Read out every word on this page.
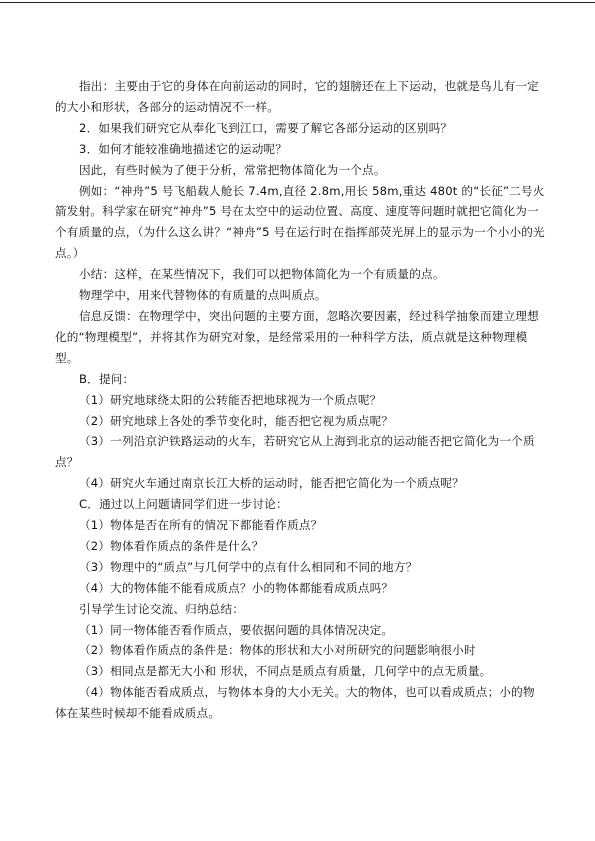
指出：主要由于它的身体在向前运动的同时，它的翅膀还在上下运动，也就是鸟儿有一定的大小和形状，各部分的运动情况不一样。

2．如果我们研究它从奉化飞到江口，需要了解它各部分运动的区别吗？

3．如何才能较准确地描述它的运动呢？

因此，有些时候为了便于分析，常常把物体简化为一个点。

例如：“神舟”5 号飞船载人舱长 7.4m,直径 2.8m,用长 58m,重达 480t 的“长征”二号火箭发射。科学家在研究“神舟”5 号在太空中的运动位置、高度、速度等问题时就把它简化为一个有质量的点，（为什么这么讲？“神舟”5 号在运行时在指挥部荧光屏上的显示为一个小小的光点。）

小结：这样，在某些情况下，我们可以把物体简化为一个有质量的点。

物理学中，用来代替物体的有质量的点叫质点。

信息反馈：在物理学中，突出问题的主要方面，忽略次要因素，经过科学抽象而建立理想化的“物理模型”，并将其作为研究对象，是经常采用的一种科学方法，质点就是这种物理模型。

B．提问：

（1）研究地球绕太阳的公转能否把地球视为一个质点呢？

（2）研究地球上各处的季节变化时，能否把它视为质点呢？

（3）一列沿京沪铁路运动的火车，若研究它从上海到北京的运动能否把它简化为一个质点？

（4）研究火车通过南京长江大桥的运动时，能否把它简化为一个质点呢？

C．通过以上问题请同学们进一步讨论：

（1）物体是否在所有的情况下都能看作质点？

（2）物体看作质点的条件是什么？

（3）物理中的“质点”与几何学中的点有什么相同和不同的地方？

（4）大的物体能不能看成质点？小的物体都能看成质点吗？

引导学生讨论交流、归纳总结：

（1）同一物体能否看作质点，要依据问题的具体情况决定。

（2）物体看作质点的条件是：物体的形状和大小对所研究的问题影响很小时

（3）相同点是都无大小和 形状，不同点是质点有质量，几何学中的点无质量。

（4）物体能否看成质点，与物体本身的大小无关。大的物体，也可以看成质点；小的物体在某些时候却不能看成质点。
